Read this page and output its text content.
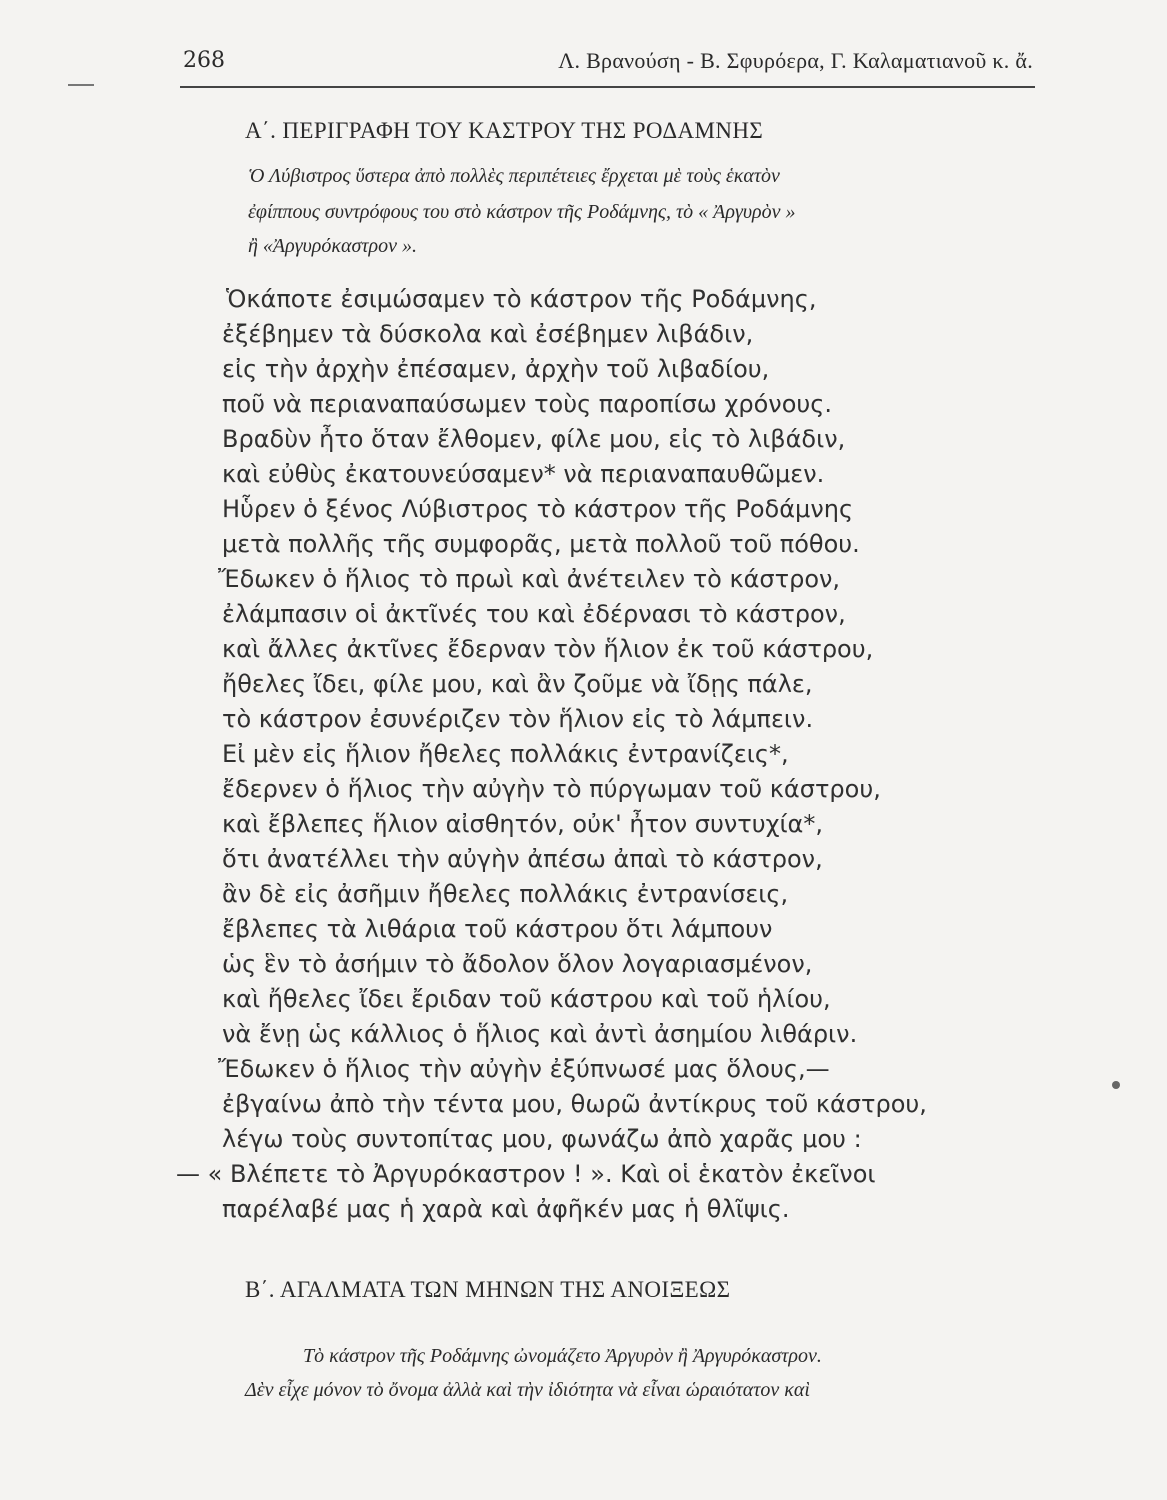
268	Λ. Βρανούση - Β. Σφυρόερα, Γ. Καλαματιανοῦ κ. ἄ.
Α΄. ΠΕΡΙΓΡΑΦΗ ΤΟΥ ΚΑΣΤΡΟΥ ΤΗΣ ΡΟΔΑΜΝΗΣ
Ὁ Λύβιστρος ὕστερα ἀπὸ πολλὲς περιπέτειες ἔρχεται μὲ τοὺς ἑκατὸν
ἐφίππους συντρόφους του στὸ κάστρον τῆς Ροδάμνης, τὸ « Ἀργυρὸν »
ἢ «Ἀργυρόκαστρον ».
Ὁκάποτε ἐσιμώσαμεν τὸ κάστρον τῆς Ροδάμνης,
ἐξέβημεν τὰ δύσκολα καὶ ἐσέβημεν λιβάδιν,
εἰς τὴν ἀρχὴν ἐπέσαμεν, ἀρχὴν τοῦ λιβαδίου,
ποῦ νὰ περιαναπαύσωμεν τοὺς παροπίσω χρόνους.
Βραδὺν ἦτο ὅταν ἔλθομεν, φίλε μου, εἰς τὸ λιβάδιν,
καὶ εὐθὺς ἐκατουνεύσαμεν* νὰ περιαναπαυθῶμεν.
Ηὗρεν ὁ ξένος Λύβιστρος τὸ κάστρον τῆς Ροδάμνης
μετὰ πολλῆς τῆς συμφορᾶς, μετὰ πολλοῦ τοῦ πόθου.
Ἔδωκεν ὁ ἥλιος τὸ πρωὶ καὶ ἀνέτειλεν τὸ κάστρον,
ἐλάμπασιν οἱ ἀκτῖνές του καὶ ἐδέρνασι τὸ κάστρον,
καὶ ἄλλες ἀκτῖνες ἔδερναν τὸν ἥλιον ἐκ τοῦ κάστρου,
ἤθελες ἴδει, φίλε μου, καὶ ἂν ζοῦμε νὰ ἴδῃς πάλε,
τὸ κάστρον ἐσυνέριζεν τὸν ἥλιον εἰς τὸ λάμπειν.
Εἰ μὲν εἰς ἥλιον ἤθελες πολλάκις ἐντρανίζεις*,
ἔδερνεν ὁ ἥλιος τὴν αὐγὴν τὸ πύργωμαν τοῦ κάστρου,
καὶ ἔβλεπες ἥλιον αἰσθητόν, οὐκ' ἦτον συντυχία*,
ὅτι ἀνατέλλει τὴν αὐγὴν ἀπέσω ἀπαὶ τὸ κάστρον,
ἂν δὲ εἰς ἀσῆμιν ἤθελες πολλάκις ἐντρανίσεις,
ἔβλεπες τὰ λιθάρια τοῦ κάστρου ὅτι λάμπουν
ὡς ἓν τὸ ἀσήμιν τὸ ἄδολον ὅλον λογαριασμένον,
καὶ ἤθελες ἴδει ἔριδαν τοῦ κάστρου καὶ τοῦ ἡλίου,
νὰ ἔνῃ ὡς κάλλιος ὁ ἥλιος καὶ ἀντὶ ἀσημίου λιθάριν.
Ἔδωκεν ὁ ἥλιος τὴν αὐγὴν ἐξύπνωσέ μας ὅλους,—
ἐβγαίνω ἀπὸ τὴν τέντα μου, θωρῶ ἀντίκρυς τοῦ κάστρου,
λέγω τοὺς συντοπίτας μου, φωνάζω ἀπὸ χαρᾶς μου :
— « Βλέπετε τὸ Ἀργυρόκαστρον ! ». Καὶ οἱ ἑκατὸν ἐκεῖνοι
παρέλαβέ μας ἡ χαρὰ καὶ ἀφῆκέν μας ἡ θλῖψις.
Β΄. ΑΓΑΛΜΑΤΑ ΤΩΝ ΜΗΝΩΝ ΤΗΣ ΑΝΟΙΞΕΩΣ
Τὸ κάστρον τῆς Ροδάμνης ὠνομάζετο Ἀργυρὸν ἢ Ἀργυρόκαστρον.
Δὲν εἶχε μόνον τὸ ὄνομα ἀλλὰ καὶ τὴν ἰδιότητα νὰ εἶναι ὡραιότατον καὶ
